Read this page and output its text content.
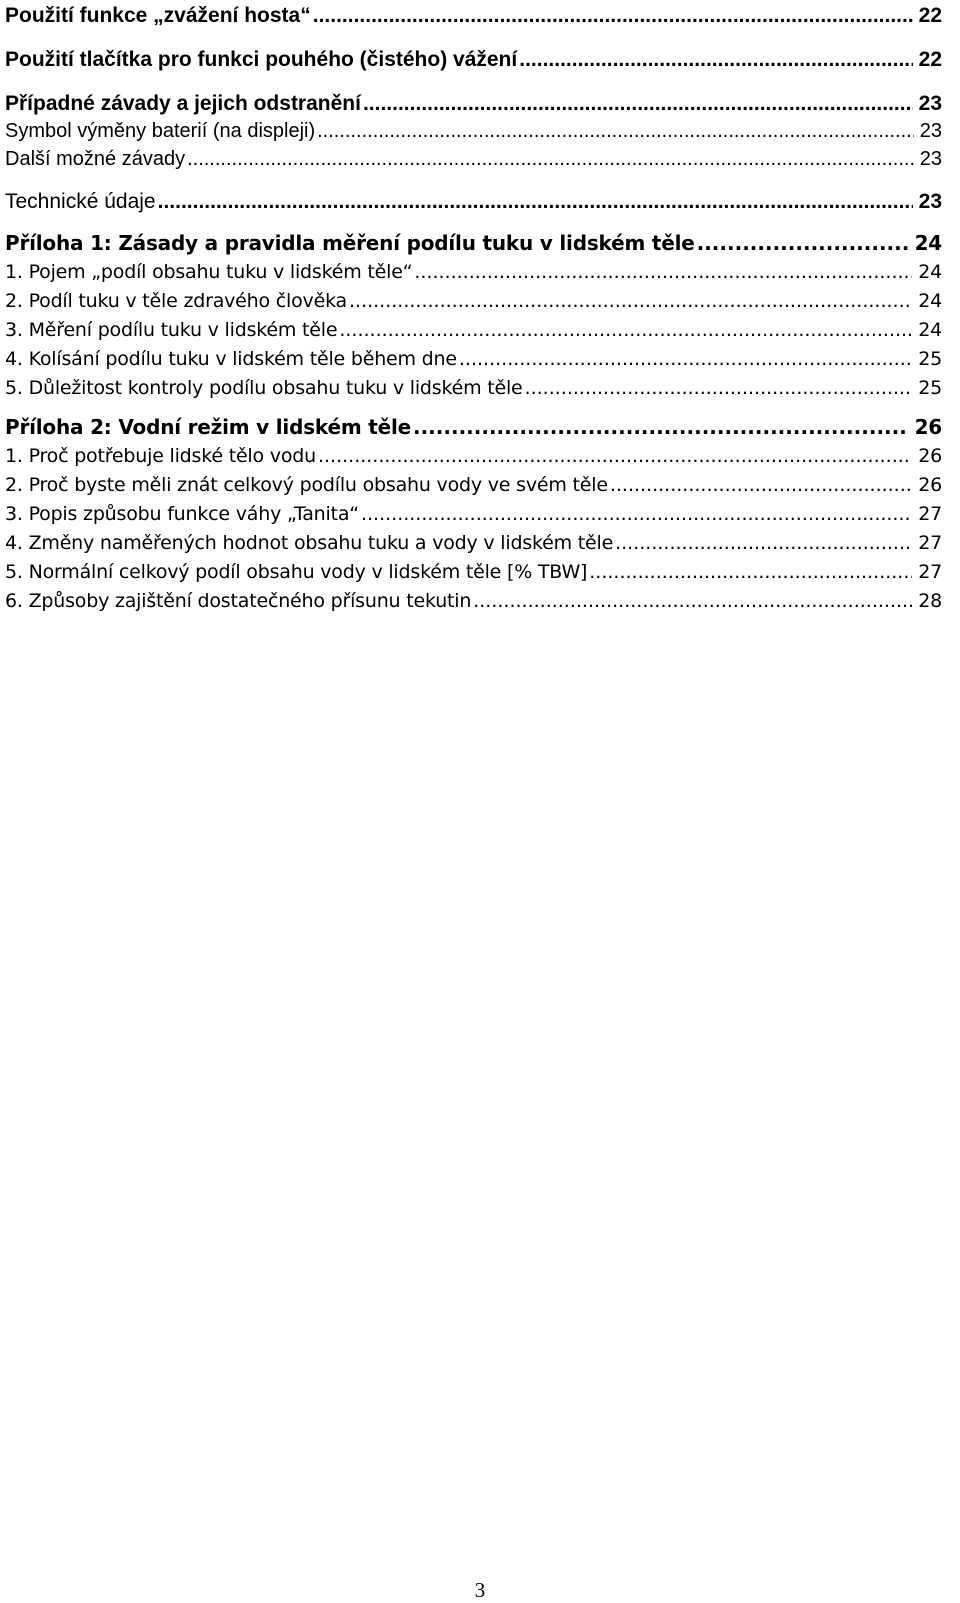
Použití funkce „zvážení hosta“ .....	22
Použití tlačítka pro funkci pouhého (čistého) vážení .....	22
Případné závady a jejich odstranění .....	23
Symbol výměny baterií (na displeji) .....	23
Další možné závady .....	23
Technické údaje .....	23
Příloha 1: Zásady a pravidla měření podílu tuku v lidském těle .....	24
1. Pojem „podíl obsahu tuku v lidském těle“ .....	24
2. Podíl tuku v těle zdravého člověka .....	24
3. Měření podílu tuku v lidském těle .....	24
4. Kolísání podílu tuku v lidském těle během dne .....	25
5. Důležitost kontroly podílu obsahu tuku v lidském těle .....	25
Příloha 2: Vodní režim v lidském těle .....	26
1. Proč potřebuje lidské tělo vodu .....	26
2. Proč byste měli znát celkový podílu obsahu vody ve svém těle .....	26
3. Popis způsobu funkce váhy „Tanita“ .....	27
4. Změny naměřených hodnot obsahu tuku a vody v lidském těle .....	27
5. Normální celkový podíl obsahu vody v lidském těle [% TBW] .....	27
6. Způsoby zajištění dostatečného přísunu tekutin .....	28
3
